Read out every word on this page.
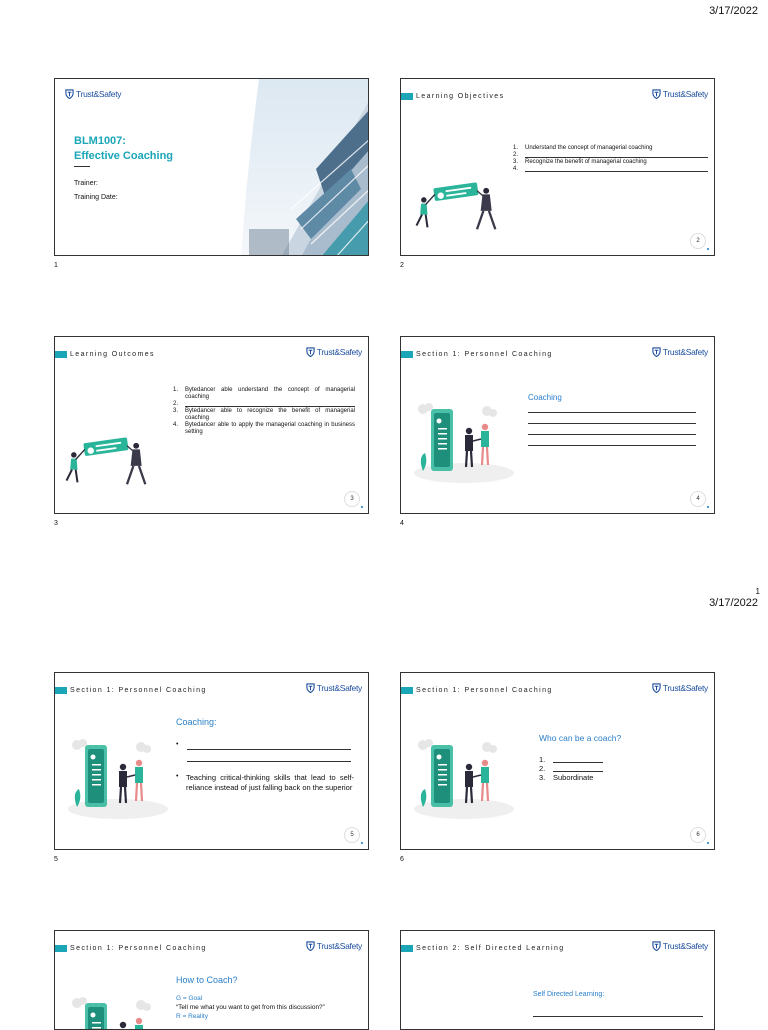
3/17/2022
Trust&Safety
BLM1007:
Effective Coaching
Trainer:
Training Date:
1
Learning Objectives	Trust&Safety
1.	Understand the concept of managerial coaching
2.
3.	Recognize the benefit of managerial coaching
4.
2
2
Learning Outcomes	Trust&Safety
1.	Bytedancer able understand the concept of managerial coaching
2.
3.	Bytedancer able to recognize the benefit of managerial coaching
4.	Bytedancer able to apply the managerial coaching in business setting
3
3
Section 1: Personnel Coaching	Trust&Safety
Coaching
4
4
1
3/17/2022
Section 1: Personnel Coaching	Trust&Safety
Coaching:
•
• Teaching critical-thinking skills that lead to self-reliance instead of just falling back on the superior
5
5
Section 1: Personnel Coaching	Trust&Safety
Who can be a coach?
1.
2.
3.	Subordinate
6
6
Section 1: Personnel Coaching	Trust&Safety
How to Coach?
G = Goal
“Tell me what you want to get from this discussion?”
R = Reality
Section 2: Self Directed Learning	Trust&Safety
Self Directed Learning:
